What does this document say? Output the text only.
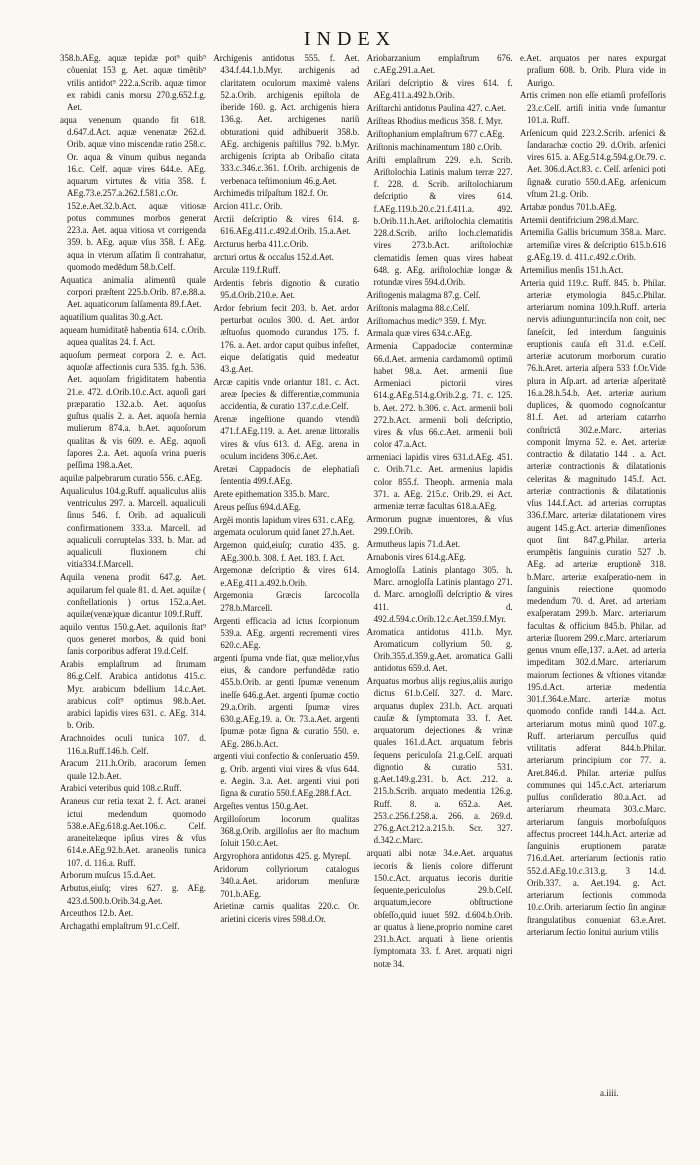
INDEX

358.b.AEg. aquæ tepidæ pot⁹ quib⁹ cõueniat 153 g. Aet. aquæ timẽtib⁹ vtilis antidot⁹ 222.a.Scrib. aquæ timor ex rabidi canis morsu 270.g.652.f.g. Aet.

aqua venenum quando fit 618. d.647.d.Act. aquæ venenatæ 262.d. Orib. aquæ vino miscendæ ratio 258.c. Or. aqua & vinum quibus neganda 16.c. Celf. aquæ vires 644.e. AEg. aquarum virtutes & vitia 358. f. AEg.73.e.257.a.262.f.581.c.Or. 152.e.Aet.32.b.Act. aquæ vitiosæ potus communes morbos generat 223.a. Aet. aqua vitiosa vt corrigenda 359. b. AEg. aquæ vſus 358. f. AEg. aqua in vterum aſſatim ſi contrahatur, quomodo medēdum 58.b.Celf.

Aquatica animalia alimentũ quale corpori præſtent 225.b.Orib. 87.e.88.a. Aet. aquaticorum ſalſamenta 89.f.Aet.

aquatilium qualitas 30.g.Act.

aqueam humiditatẽ habentia 614. c.Orib. aquea qualitas 24. f. Act.

aquoſum permeat corpora 2. e. Act. aquoſæ affectionis cura 535. fg.h. 536. Aet. aquoſam frigiditatem habentia 21.e. 472. d.Orib.10.c.Act. aquoſi gari præparatio 132.a.b. Aet. aquoſus guſtus qualis 2. a. Aet. aquoſa hernia mulierum 874.a. b.Aet. aquoſorum qualitas & vis 609. e. AEg. aquoſi ſapores 2.a. Aet. aquoſa vrina pueris peſſima 198.a.Aet.

aquilæ palpebrarum curatio 556. c.AEg.

Aqualiculus 104.g.Ruff. aqualiculus aliis ventriculus 297. a. Marcell. aqualiculi ſinus 546. f. Orib. ad aqualiculi confirmationem 333.a. Marcell. ad aqualiculi corruptelas 333. b. Mar. ad aqualiculi fluxionem chi vitia334.f.Marcell.

Aquila venena prodit 647.g. Aet. aquilarum fel quale 81. d. Aet. aquilæ ( conſtellationis ) ortus 152.a.Aet. aquilæ(venæ)quæ dicantur 109.f.Ruff.

aquilo ventus 150.g.Aet. aquilonis ſtat⁹ quos generet morbos, & quid boni ſanis corporibus adferat 19.d.Celf.

Arabis emplaſtrum ad ſtrumam 86.g.Celf. Arabica antidotus 415.c. Myr. arabicum bdellium 14.c.Aet. arabicus coſt⁹ optimus 98.b.Aet. arabici lapidis vires 631. c. AEg. 314. b. Orib.

Arachnoides oculi tunica 107. d. 116.a.Ruff.146.b. Celf.

Aracum 211.h.Orib. aracorum ſemen quale 12.b.Aet.

Arabici veteribus quid 108.c.Ruff.

Araneus cur retia texat 2. f. Act. aranei ictui medendum quomodo 538.e.AEg.618.g.Aet.106.c. Celf. araneitelæque ipſius vires & vſus 614.e.AEg.92.b.Aet. araneolis tunica 107. d. 116.a. Ruff.

Arborum muſcus 15.d.Aet.

Arbutus,eiuſq; vires 627. g. AEg. 423.d.500.b.Orib.34.g.Aet.

Arceuthos 12.b. Aet.

Archagathi emplaſtrum 91.c.Celf.

Archigenis antidotus 555. f. Aet. 434.f.44.1.b.Myr. archigenis ad claritatem oculorum maximè valens 52.a.Orib. archigenis epiſtola de iberide 160. g. Act. archigenis hiera 136.g. Aet. archigenes nariũ obturationi quid adhibuerit 358.b. AEg. archigenis paſtillus 792. b.Myr. archigenis ſcripta ab Oribaſio citata 333.c.346.c.361. f.Orib. archigenis de verbenaca teſtimonium 46.g.Aet.

Archimedis triſpaſtum 182.f. Or.

Arcion 411.c. Orib.

Arctii deſcriptio & vires 614. g. 616.AEg.411.c.492.d.Orib. 15.a.Aet.

Arcturus herba 411.c.Orib.

arcturi ortus & occaſus 152.d.Aet.

Arculæ 119.f.Ruff.

Ardentis febris dignotio & curatio 95.d.Orib.210.e. Aet.

Ardor febrium fecit 203. b. Aet. ardor perturbat oculos 300. d. Aet. ardor æſtuoſus quomodo curandus 175. f. 176. a. Aet. ardor caput quibus infeſtet, eique deſatigatis quid medeatur 43.g.Aet.

Arcæ capitis vnde oriantur 181. c. Act. areæ ſpecies & differentiæ,communia accidentia, & curatio 137.c.d.e.Celf.

Arenæ ingeſtione quando vtendũ 471.f.AEg.119. a. Aet. arenæ littoralis vires & vſus 613. d. AEg. arena in oculum incidens 306.c.Aet.

Aretæi Cappadocis de elephatiaſi ſententia 499.f.AEg.

Arete epithemation 335.b. Marc.

Areus peſſus 694.d.AEg.

Argẽi montis lapidum vires 631. c.AEg.

argemata oculorum quid ſanet 27.h.Aet.

Argemon quid,eiuſq; curatio 435. g. AEg.300.b. 308. f. Aet. 183. f. Act.

Argemonæ deſcriptio & vires 614. e.AEg.411.a.492.b.Orib.

Argemonia Græcis ſarcocolla 278.b.Marcell.

Argenti efficacia ad ictus ſcorpionum 539.a. AEg. argenti recrementi vires 620.c.AEg.

argenti ſpuma vnde fiat, quæ melior,vſus eius, & candore perfundẽdæ ratio 455.b.Orib. ar genti ſpumæ venenum ineſſe 646.g.Aet. argenti ſpumæ coctio 29.a.Orib. argenti ſpumæ vires 630.g.AEg.19. a. Or. 73.a.Aet. argenti ſpumæ potæ ſigna & curatio 550. e. AEg. 286.b.Act.

argenti viui confectio & conſeruatio 459. g. Orib. argenti viui vires & vſus 644. e. Aegin. 3.a. Aet. argenti viui poti ſigna & curatio 550.f.AEg.288.f.Act.

Argeſtes ventus 150.g.Aet.

Argilloſorum locorum qualitas 368.g.Orib. argilloſus aer ſto machum ſoluit 150.c.Aet.

Argyrophora antidotus 425. g. Myrepſ.

Aridorum collyriorum catalogus 340.a.Aet. aridorum menſuræ 701.b.AEg.

Arietinæ carnis qualitas 220.c. Or. arietini ciceris vires 598.d.Or.

Ariobarzanium emplaſtrum 676. c.AEg.291.a.Aet.

Ariſari deſcriptio & vires 614. f. AEg.411.a.492.b.Orib.

Ariſtarchi antidotus Paulina 427. c.Aet.

Ariſteas Rhodius medicus 358. f. Myr.

Ariſtophanium emplaſtrum 677 c.AEg.

Ariſtonis machinamentum 180 c.Orib.

Ariſti emplaſtrum 229. e.h. Scrib. Ariſtolochia Latinis malum terræ 227. f. 228. d. Scrib. ariſtolochiarum deſcriptio & vires 614. f.AEg.119.b.20.c.21.f.411.a. 492. b.Orib.11.h.Aet. ariſtolochia clematitis 228.d.Scrib. ariſto loch.clematidis vires 273.b.Act. ariſtolochiæ clematidis ſemen quas vires habeat 648. g. AEg. ariſtolochiæ longæ & rotundæ vires 594.d.Orib.

Ariſtogenis malagma 87.g. Celſ.

Ariſtonis malagma 88.c.Celſ.

Ariſtomachus medic⁹ 359. f. Myr.

Armala quæ vires 634.c.AEg.

Armenia Cappadociæ conterminæ 66.d.Aet. armenia cardamomũ optimũ habet 98.a. Aet. armenii ſiue Armeniaci pictorii vires 614.g.AEg.514.g.Orib.2.g. 71. c. 125. b. Aet. 272. b.306. c. Act. armenii boli 272.b.Act. armenii boli deſcriptio, vires & vſus 66.c.Aet. armenii boli color 47.a.Act.

armeniaci lapidis vires 631.d.AEg. 451. c. Orib.71.c. Aet. armenius lapidis color 855.f. Theoph. armenia mala 371. a. AEg. 215.c. Orib.29. ei Act. armeniæ terræ facultas 618.a.AEg.

Armorum pugnæ inuentores, & vſus 299.f.Orib.

Armutheus lapis 71.d.Aet.

Arnabonis vires 614.g.AEg.

Arnogloſſa Latinis plantago 305. h. Marc. arnogloſſa Latinis plantago 271. d. Marc. arnogloſſi deſcriptio & vires 411. d. 492.d.594.c.Orib.12.c.Aet.359.f.Myr.

Aromatica antidotus 411.b. Myr. Aromaticum collyrium 50. g. Orib.355.d.359.g.Aet. aromatica Galli antidotus 659.d. Aet.

Arquatus morbus alijs regius,aliis aurigo dictus 61.b.Celſ. 327. d. Marc. arquatus duplex 231.b. Act. arquati cauſæ & ſymptomata 33. f. Aet. arquatorum dejectiones & vrinæ quales 161.d.Act. arquatum febris ſequens periculoſa 21.g.Celſ. arquati dignotio & curatio 531. g.Aet.149.g.231. b. Act. .212. a. 215.b.Scrib. arquato medentia 126.g. Ruff. 8. a. 652.a. Aet. 253.c.256.f.258.a. 266. a. 269.d. 276.g.Act.212.a.215.b. Scr. 327. d.342.c.Marc.

arquati albi notæ 34.e.Aet. arquatus iecoris & lienis colore differunt 150.c.Act. arquatus iecoris duritie ſequente,periculoſus 29.b.Celſ. arquatum,iecore obſtructione obſeſſo,quid iuuet 592. d.604.b.Orib. ar quatus à liene,proprio nomine caret 231.b.Act. arquati à liene orientis ſymptomata 33. f. Aret. arquati nigri notæ 34.

e.Aet. arquatos per nares expurgat praſium 608. b. Orib. Plura vide in Aurigo.

Artis crimen non eſſe etiamſi profeſſoris 23.c.Celſ. artiſi initia vnde ſumantur 101.a. Ruff.

Arſenicum quid 223.2.Scrib. arſenici & ſandarachæ coctio 29. d.Orib. arſenici vires 615. a. AEg.514.g.594.g.Or.79. c. Aet. 306.d.Act.83. c. Celſ. arſenici poti ſigna& curatio 550.d.AEg. arſenicum vſtum 21.g. Orib.

Artabæ pondus 701.b.AEg.

Artemii dentifricium 298.d.Marc.

Artemiſia Gallis bricumum 358.a. Marc. artemiſiæ vires & deſcriptio 615.b.616 g.AEg.19. d. 411.c.492.c.Orib.

Artemiſius menſis 151.h.Act.

Arteria quid 119.c. Ruff. 845. b. Philar. arteriæ etymologia 845.c.Philar. arteriarum nomina 109.h.Ruff. arteria nervis adiunguntur:inciſa non coit, nec ſaneſcit, ſed interdum ſanguinis eruptionis cauſa eſt 31.d. e.Celſ. arteriæ acutorum morborum curatio 76.h.Aret. arteria aſpera 533 f.Or.Vide plura in Aſp.art. ad arteriæ aſperitatẽ 16.a.28.h.54.b. Aet. arteriæ aurium duplices, & quomodo cognoſcantur 81.f. Aet. ad arteriam catarrho conſtrictã 302.e.Marc. arterias componit ſmyrna 52. e. Aet. arteriæ contractio & dilatatio 144 . a. Act. arteriæ contractionis & dilatationis celeritas & magnitudo 145.f. Act. arteriæ contractionis & dilatationis vſus 144.f.Act. ad arterias corruptas 336.f.Marc. arteriæ dilatationem vires augent 145.g.Act. arteriæ dimenſiones quot ſint 847.g.Philar. arteria erumpẽtis ſanguinis curatio 527 .b. AEg. ad arteriæ eruptionẽ 318. b.Marc. arteriæ exaſperatio-nem in ſanguinis reiectione quomodo medendum 70. d. Aret. ad arteriam exaſperatam 299.b. Marc. arteriarum facultas & officium 845.b. Philar. ad arteriæ ſluorem 299.c.Marc. arteriarum genus vnum eſſe,137. a.Aet. ad arteria impeditam 302.d.Marc. arteriarum maiorum ſectiones & vſtiones vitandæ 195.d.Act. arteriæ medentia 301.f.364.e.Marc. arteriæ motus quomodo confide randi 144.a. Act. arteriarum motus minũ quod 107.g. Ruff. arteriarum percuſſus quid vtilitatis adferat 844.b.Philar. arteriarum principium cor 77. a. Aret.846.d. Philar. arteriæ pulſus communes qui 145.c.Act. arteriarum pulſus conſideratio 80.a.Act. ad arteriarum rheumata 303.c.Marc. arteriarum ſanguis morboſuſquos affectus procreet 144.h.Act. arteriæ ad ſanguinis eruptionem paratæ 716.d.Aet. arteriarum ſectionis ratio 552.d.AEg.10.c.313.g. 3 14.d. Orib.337. a. Aet.194. g. Act. arteriarum ſectionis commoda 10.c.Orib. arteriarum ſectio ſin anginæ ſtrangulatibus conueniat 63.e.Aret. arteriarum ſectio ſonitui aurium vtilis

a.iiii.
